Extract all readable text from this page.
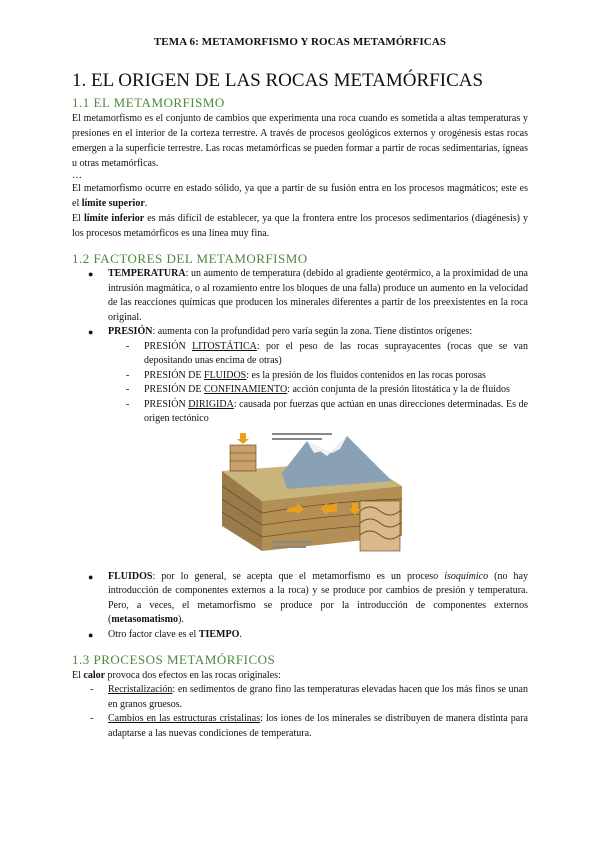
TEMA 6: METAMORFISMO Y ROCAS METAMÓRFICAS
1. EL ORIGEN DE LAS ROCAS METAMÓRFICAS
1.1 EL METAMORFISMO

El metamorfismo es el conjunto de cambios que experimenta una roca cuando es sometida a altas temperaturas y presiones en el interior de la corteza terrestre. A través de procesos geológicos externos y orogénesis estas rocas emergen a la superficie terrestre. Las rocas metamórficas se pueden formar a partir de rocas sedimentarias, ígneas u otras metamórficas.

…

El metamorfismo ocurre en estado sólido, ya que a partir de su fusión entra en los procesos magmáticos; este es el límite superior.

El límite inferior es más difícil de establecer, ya que la frontera entre los procesos sedimentarios (diagénesis) y los procesos metamórficos es una línea muy fina.

1.2 FACTORES DEL METAMORFISMO
● TEMPERATURA: un aumento de temperatura (debido al gradiente geotérmico, a la proximidad de una intrusión magmática, o al rozamiento entre los bloques de una falla) produce un aumento en la velocidad de las reacciones químicas que producen los minerales diferentes a partir de los preexistentes en la roca original.
● PRESIÓN: aumenta con la profundidad pero varía según la zona. Tiene distintos orígenes:
- PRESIÓN LITOSTÁTICA: por el peso de las rocas suprayacentes (rocas que se van depositando unas encima de otras)
- PRESIÓN DE FLUIDOS: es la presión de los fluidos contenidos en las rocas porosas
- PRESIÓN DE CONFINAMIENTO: acción conjunta de la presión litostática y la de fluidos
- PRESIÓN DIRIGIDA: causada por fuerzas que actúan en unas direcciones determinadas. Es de origen tectónico
● FLUIDOS: por lo general, se acepta que el metamorfismo es un proceso isoquímico (no hay introducción de componentes externos a la roca) y se produce por cambios de presión y temperatura. Pero, a veces, el metamorfismo se produce por la introducción de componentes externos (metasomatismo).
● Otro factor clave es el TIEMPO.
1.3 PROCESOS METAMÓRFICOS

El calor provoca dos efectos en las rocas originales:

- Recristalización: en sedimentos de grano fino las temperaturas elevadas hacen que los más finos se unan en granos gruesos.
- Cambios en las estructuras cristalinas: los iones de los minerales se distribuyen de manera distinta para adaptarse a las nuevas condiciones de temperatura.
